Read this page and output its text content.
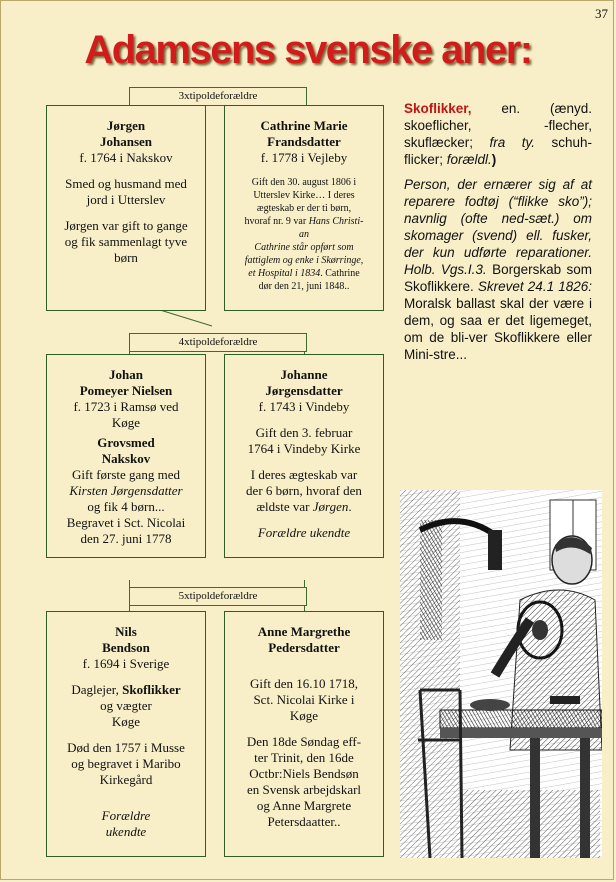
37
Adamsens svenske aner:
3xtipoldeforældre
4xtipoldeforældre
5xtipoldeforældre

Jørgen

Johansen

f. 1764 i Nakskov

Smed og husmand med

jord i Utterslev

Jørgen var gift to gange

og fik sammenlagt tyve

børn

Cathrine Marie

Frandsdatter

f. 1778 i Vejleby

Gift den 30. august 1806 i

Utterslev Kirke… I deres

ægteskab er der ti børn,

hvoraf nr. 9 var Hans Christi-

an

Cathrine står opført som

fattiglem og enke i Skørringe,

et Hospital i 1834. Cathrine

dør den 21, juni 1848..

Johan

Pomeyer Nielsen

f. 1723 i Ramsø ved

Køge

Grovsmed

Nakskov

Gift første gang med

Kirsten Jørgensdatter

og fik 4 børn...

Begravet i Sct. Nicolai

den 27. juni 1778

Johanne

Jørgensdatter

f. 1743 i Vindeby

Gift den 3. februar

1764 i Vindeby Kirke

I deres ægteskab var

der 6 børn, hvoraf den

ældste var Jørgen.

Forældre ukendte

Nils

Bendson

f. 1694 i Sverige

Daglejer, Skoflikker

og vægter

Køge

Død den 1757 i Musse

og begravet i Maribo

Kirkegård

Forældre

ukendte

Anne Margrethe

Pedersdatter

Gift den 16.10 1718,

Sct. Nicolai Kirke i

Køge

Den 18de Søndag eff-

ter Trinit, den 16de

Octbr:Niels Bendsøn

en Svensk arbejdskarl

og Anne Margrete

Petersdaatter..

Skoflikker, en. (ænyd. skoeflicher, -flecher, skuflæcker; fra ty. schuh-flicker; forældl.)

Person, der ernærer sig af at reparere fodtøj (“flikke sko”); navnlig (ofte ned-sæt.) om skomager (svend) ell. fusker, der kun udførte reparationer. Holb. Vgs.I.3. Borgerskab som Skoflikkere. Skrevet 24.1 1826: Moralsk ballast skal der være i dem, og saa er det ligemeget, om de bli-ver Skoflikkere eller Mini-stre...
